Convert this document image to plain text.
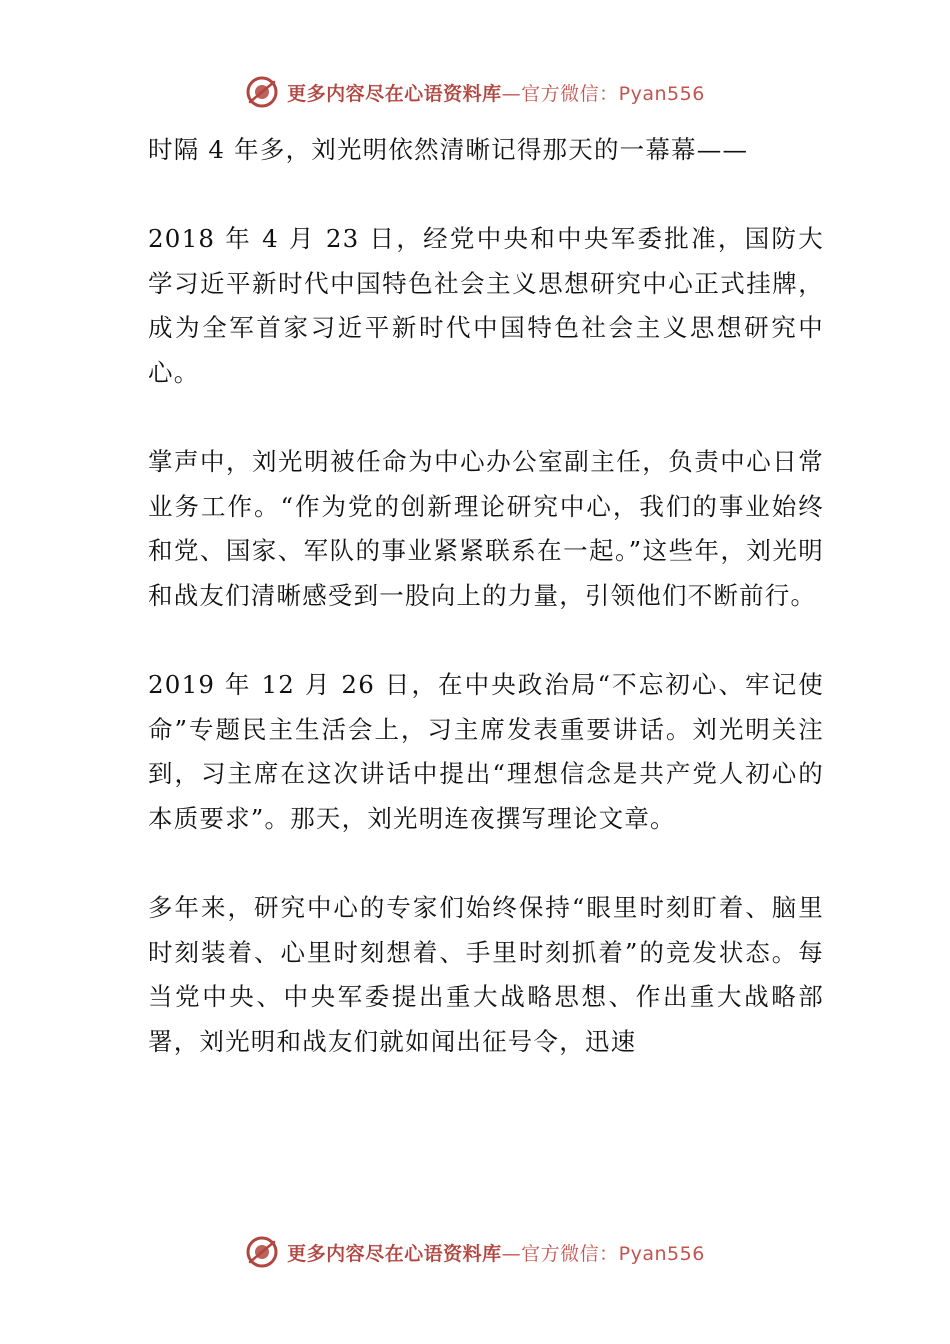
更多内容尽在心语资料库—官方微信：Pyan556

时隔 4 年多，刘光明依然清晰记得那天的一幕幕——

2018 年 4 月 23 日，经党中央和中央军委批准，国防大学习近平新时代中国特色社会主义思想研究中心正式挂牌，成为全军首家习近平新时代中国特色社会主义思想研究中心。

掌声中，刘光明被任命为中心办公室副主任，负责中心日常业务工作。“作为党的创新理论研究中心，我们的事业始终和党、国家、军队的事业紧紧联系在一起。”这些年，刘光明和战友们清晰感受到一股向上的力量，引领他们不断前行。

2019 年 12 月 26 日，在中央政治局“不忘初心、牢记使命”专题民主生活会上，习主席发表重要讲话。刘光明关注到，习主席在这次讲话中提出“理想信念是共产党人初心的本质要求”。那天，刘光明连夜撰写理论文章。

多年来，研究中心的专家们始终保持“眼里时刻盯着、脑里时刻装着、心里时刻想着、手里时刻抓着”的竞发状态。每当党中央、中央军委提出重大战略思想、作出重大战略部署，刘光明和战友们就如闻出征号令，迅速

更多内容尽在心语资料库—官方微信：Pyan556
